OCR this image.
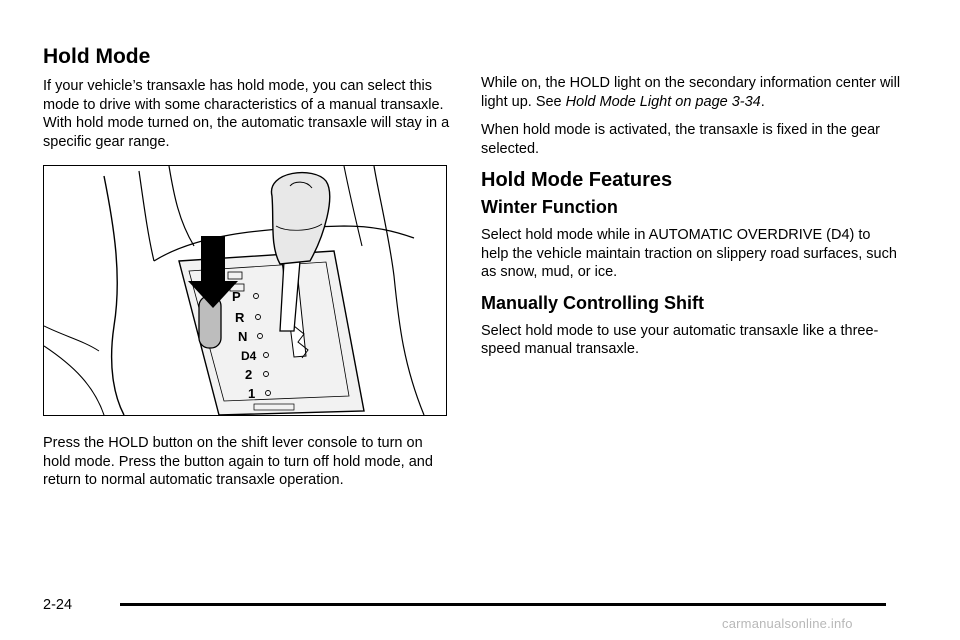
Hold Mode

If your vehicle’s transaxle has hold mode, you can select this mode to drive with some characteristics of a manual transaxle. With hold mode turned on, the automatic transaxle will stay in a specific gear range.

P
R
N
D4
2
1

Press the HOLD button on the shift lever console to turn on hold mode. Press the button again to turn off hold mode, and return to normal automatic transaxle operation.

While on, the HOLD light on the secondary information center will light up. See Hold Mode Light on page 3-34.

When hold mode is activated, the transaxle is fixed in the gear selected.

Hold Mode Features
Winter Function

Select hold mode while in AUTOMATIC OVERDRIVE (D4) to help the vehicle maintain traction on slippery road surfaces, such as snow, mud, or ice.

Manually Controlling Shift

Select hold mode to use your automatic transaxle like a three-speed manual transaxle.

2-24
carmanualsonline.info
